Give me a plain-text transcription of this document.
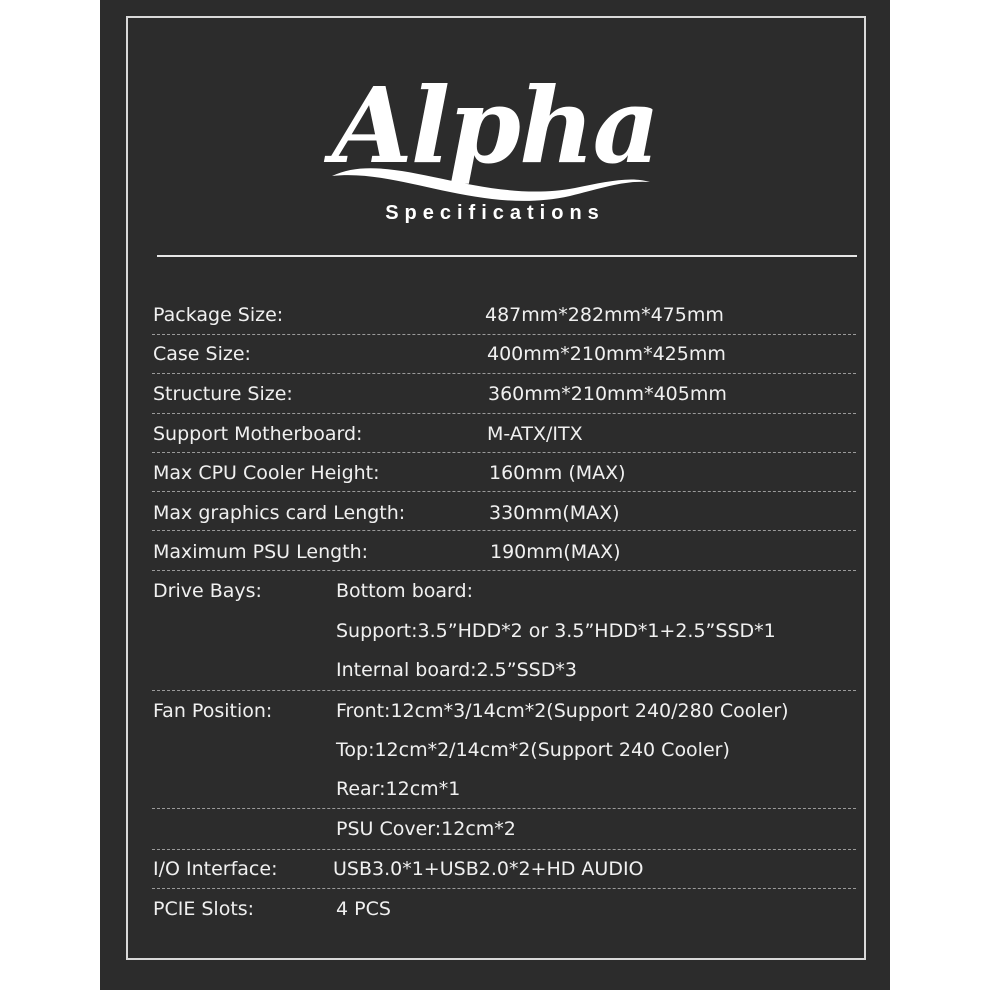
Alpha
Specifications
Package Size:	487mm*282mm*475mm
Case Size:	400mm*210mm*425mm
Structure Size:	360mm*210mm*405mm
Support Motherboard:	M-ATX/ITX
Max CPU Cooler Height:	160mm (MAX)
Max graphics card Length:	330mm(MAX)
Maximum PSU Length:	190mm(MAX)
Drive Bays:	Bottom board:
Support:3.5”HDD*2 or 3.5”HDD*1+2.5”SSD*1
Internal board:2.5”SSD*3
Fan Position:	Front:12cm*3/14cm*2(Support 240/280 Cooler)
Top:12cm*2/14cm*2(Support 240 Cooler)
Rear:12cm*1
PSU Cover:12cm*2
I/O Interface:	USB3.0*1+USB2.0*2+HD AUDIO
PCIE Slots:	4 PCS
